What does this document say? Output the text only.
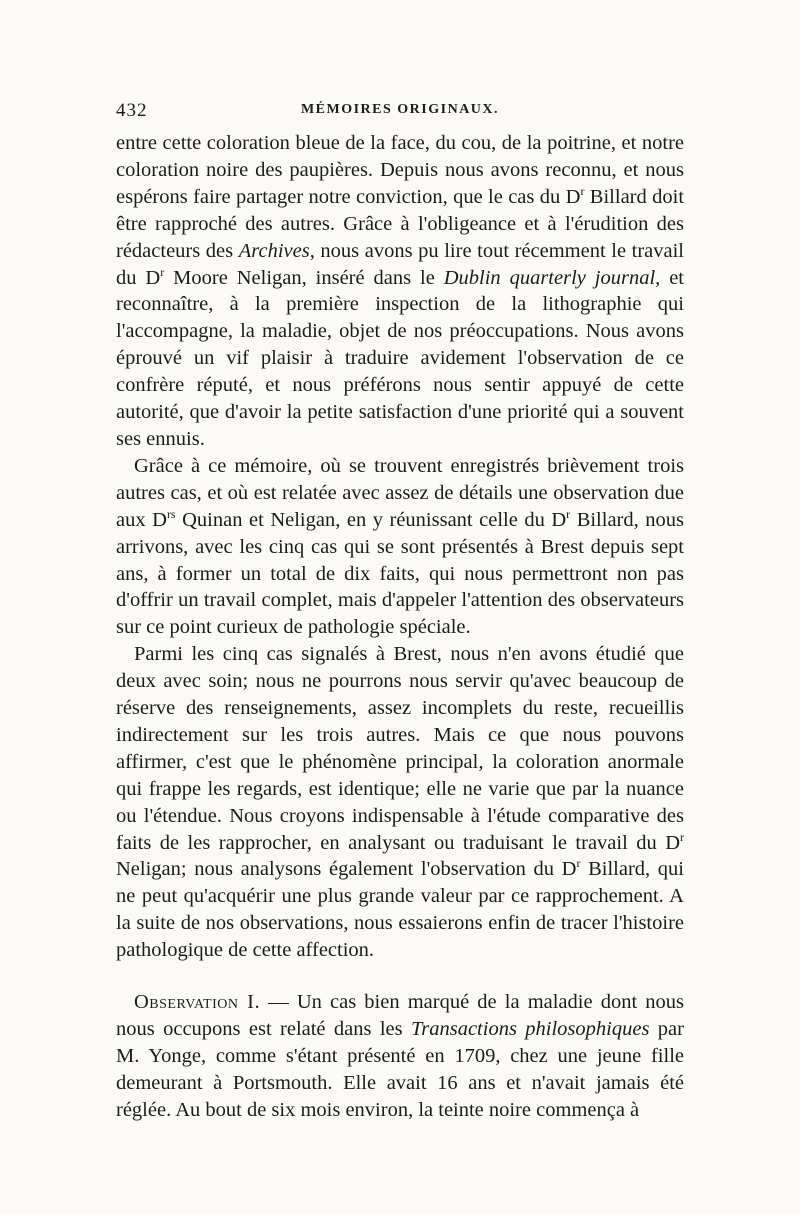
432	MÉMOIRES ORIGINAUX.

entre cette coloration bleue de la face, du cou, de la poitrine, et notre coloration noire des paupières. Depuis nous avons reconnu, et nous espérons faire partager notre conviction, que le cas du $D^r$ Billard doit être rapproché des autres. Grâce à l'obligeance et à l'érudition des rédacteurs des Archives, nous avons pu lire tout récemment le travail du $D^r$ Moore Neligan, inséré dans le Dublin quarterly journal, et reconnaître, à la première inspection de la lithographie qui l'accompagne, la maladie, objet de nos préoccupations. Nous avons éprouvé un vif plaisir à traduire avidement l'observation de ce confrère réputé, et nous préférons nous sentir appuyé de cette autorité, que d'avoir la petite satisfaction d'une priorité qui a souvent ses ennuis.

Grâce à ce mémoire, où se trouvent enregistrés brièvement trois autres cas, et où est relatée avec assez de détails une observation due aux $D^{rs}$ Quinan et Neligan, en y réunissant celle du $D^r$ Billard, nous arrivons, avec les cinq cas qui se sont présentés à Brest depuis sept ans, à former un total de dix faits, qui nous permettront non pas d'offrir un travail complet, mais d'appeler l'attention des observateurs sur ce point curieux de pathologie spéciale.

Parmi les cinq cas signalés à Brest, nous n'en avons étudié que deux avec soin; nous ne pourrons nous servir qu'avec beaucoup de réserve des renseignements, assez incomplets du reste, recueillis indirectement sur les trois autres. Mais ce que nous pouvons affirmer, c'est que le phénomène principal, la coloration anormale qui frappe les regards, est identique; elle ne varie que par la nuance ou l'étendue. Nous croyons indispensable à l'étude comparative des faits de les rapprocher, en analysant ou traduisant le travail du $D^r$ Neligan; nous analysons également l'observation du $D^r$ Billard, qui ne peut qu'acquérir une plus grande valeur par ce rapprochement. A la suite de nos observations, nous essaierons enfin de tracer l'histoire pathologique de cette affection.

Observation I. — Un cas bien marqué de la maladie dont nous nous occupons est relaté dans les Transactions philosophiques par M. Yonge, comme s'étant présenté en 1709, chez une jeune fille demeurant à Portsmouth. Elle avait 16 ans et n'avait jamais été réglée. Au bout de six mois environ, la teinte noire commença à
